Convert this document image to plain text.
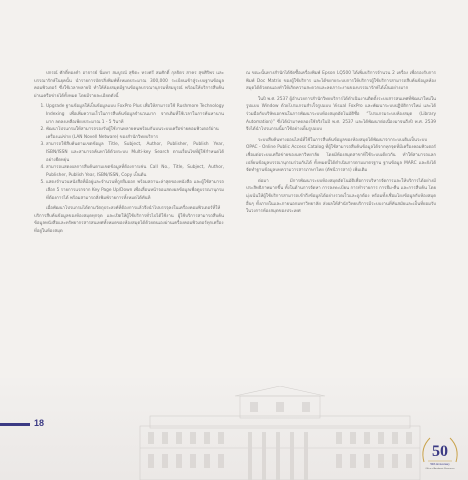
ปกรณ์ ศักดิ์ทองคำ อาจารย์ นิ่มหา สมบูรณ์ สุขิตะ ทรงศรี สมศักดิ์ กุลจิตร สาคร สุขศิริพร และบรรณารักษ์ในยุคนั้น นำรายการบัตรสิ่งพิมพ์ทั้งหมดประมาณ 300,000 ระเบียนเข้าสู่ระบบฐานข้อมูลคอมพิวเตอร์ ซึ่งใช้เวลาหลายปี ทำให้ห้องสมุดมีฐานข้อมูลบรรณานุกรมที่สมบูรณ์ พร้อมให้บริการสืบค้นผ่านเครือข่ายได้ทั้งหมด โดยมีรายละเอียดดังนี้

1. Upgrade ฐานข้อมูลให้เป็นข้อมูลแบบ FoxPro Plus เพื่อให้สามารถใช้ Rushmore Technology Indexing เพื่อเพิ่มความเร็วในการสืบค้นข้อมูลจำนวนมาก จากเดิมที่ใช้เวลาในการค้นหานานมาก ลดลงเหลือเพียงประมาณ 1 - 5 วินาที
2. พัฒนาโปรแกรมให้สามารถรองรับผู้ใช้งานหลายคนพร้อมกันบนระบบเครือข่ายคอมพิวเตอร์ผ่านเครื่องแม่ข่าย (LAN Novell Netware) ของสำนักวิทยบริการ
3. สามารถใช้สืบค้นตามเขตข้อมูล Title, Subject, Author, Publisher, Publish Year, ISBN/ISSN และสามารถค้นหาได้ด้วยระบบ Multi-key Search ตามเงื่อนไขที่ผู้ใช้กำหนดได้อย่างยืดหยุ่น
4. สามารถแสดงผลการสืบค้นตามเขตข้อมูลที่ต้องการเช่น Call No., Title, Subject, Author, Publisher, Publish Year, ISBN/ISSN, Copy เป็นต้น
5. แสดงจำนวนหนังสือที่มีอยู่และจำนวนที่ถูกยืมออก พร้อมสถานะล่าสุดของหนังสือ และผู้ใช้สามารถเลือก 5 รายการแรกจาก Key Page Up/Down เพื่อเลื่อนหน้าจอแสดงผลข้อมูลเพื่อดูบรรณานุกรมที่ต้องการได้ พร้อมสามารถสั่งพิมพ์รายการทั้งหมดได้ทันที

เมื่อพัฒนาโปรแกรมได้ตามวัตถุประสงค์ที่ต้องการแล้วจึงนำไปบรรจุลงในเครื่องคอมพิวเตอร์ที่ให้บริการสืบค้นข้อมูลของห้องสมุดทุกจุด และเปิดให้ผู้ใช้บริการทั่วไปได้ใช้งาน ผู้ใช้บริการสามารถสืบค้นข้อมูลหนังสือและทรัพยากรสารสนเทศทั้งหมดของห้องสมุดได้ด้วยตนเองผ่านเครื่องคอมพิวเตอร์ทุกเครื่องที่อยู่ในห้องสมุด

ณ ขณะนั้นทางสำนักได้จัดซื้อเครื่องพิมพ์ Epson LQ500 ได้เพิ่มบริการจำนวน 2 เครื่อง เพื่อรองรับการพิมพ์ Doc Matrix ของผู้ใช้บริการ และได้ขยายระบบการให้บริการผู้ใช้บริการสามารถสืบค้นข้อมูลห้องสมุดได้ด้วยตนเองทำให้เกิดความสะดวกและลดภาระงานของบรรณารักษ์ได้เป็นอย่างมาก

ในปี พ.ศ. 2537 ผู้อำนวยการสำนักวิทยบริการได้ดำเนินงานติดตั้งระบบสารสนเทศที่พัฒนาใหม่ในรูปแบบ Window ด้วยโปรแกรมสำเร็จรูปแบบ Visual FoxPro และพัฒนาระบบปฏิบัติการใหม่ และได้ร่วมมือกับบริษัทเอกชนในการพัฒนาระบบห้องสมุดอัตโนมัติชื่อ “โปรแกรมระบบห้องสมุด (Library Automation)” ซึ่งได้นำมาทดลองใช้จริงในปี พ.ศ. 2537 และได้พัฒนาต่อเนื่องมาจนถึงปี พ.ศ. 2539 จึงได้นำโปรแกรมนี้มาใช้อย่างเต็มรูปแบบ

ระบบสืบค้นทางออนไลน์ที่ใช้ในการสืบค้นข้อมูลของห้องสมุดได้พัฒนาจากระบบเดิมเป็นระบบ OPAC - Online Public Access Catalog ที่ผู้ใช้สามารถสืบค้นข้อมูลได้จากทุกจุดที่มีเครื่องคอมพิวเตอร์เชื่อมต่อระบบเครือข่ายของมหาวิทยาลัย โดยมีห้องสมุดสาขาที่ใช้ระบบเดียวกัน ทำให้สามารถแลกเปลี่ยนข้อมูลบรรณานุกรมร่วมกันได้ ทั้งหมดนี้ได้ดำเนินการตามมาตรฐาน ฐานข้อมูล MARC และยังได้จัดทำฐานข้อมูลบทความวารสารภาษาไทย (ดัชนีวารสาร) เพิ่มเติม

ต่อมา มีการพัฒนาระบบห้องสมุดอัตโนมัติเพื่อการบริหารจัดการและให้บริการได้อย่างมีประสิทธิภาพมากขึ้น ทั้งในด้านการจัดหา การลงทะเบียน การทำรายการ การยืม-คืน และการสืบค้น โดยมุ่งเน้นให้ผู้ใช้บริการสามารถเข้าถึงข้อมูลได้อย่างรวดเร็วและถูกต้อง พร้อมทั้งเชื่อมโยงข้อมูลกับห้องสมุดอื่นๆ ทั้งภายในและภายนอกมหาวิทยาลัย ส่งผลให้สำนักวิทยบริการมีระบบงานที่ทันสมัยและเป็นที่ยอมรับในวงการห้องสมุดของประเทศ

18
50
50th Anniversary
Office of Academic Resources
